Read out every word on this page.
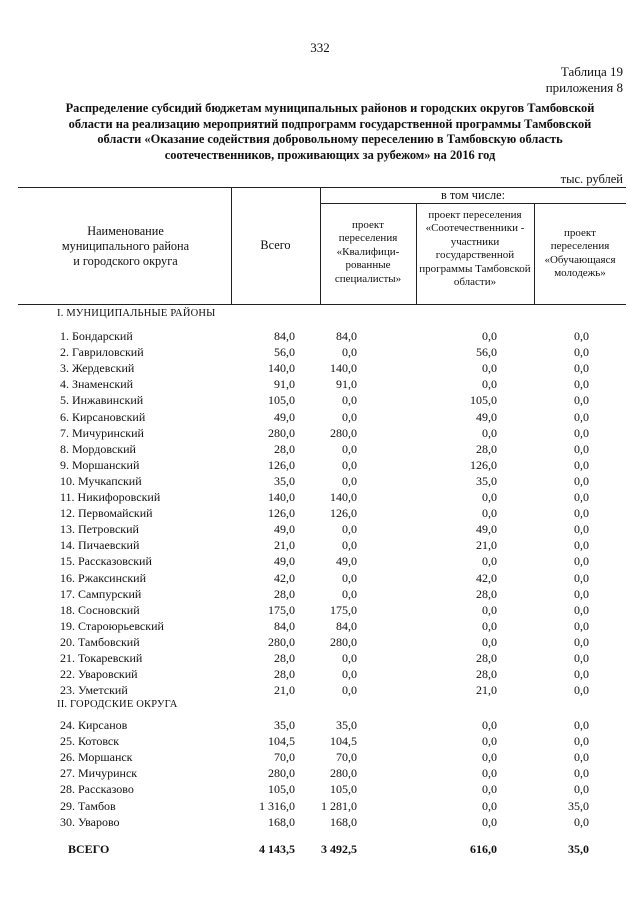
332
Таблица 19
приложения 8
Распределение субсидий бюджетам муниципальных районов и городских округов Тамбовской
области на реализацию мероприятий подпрограмм государственной программы Тамбовской
области «Оказание содействия добровольному переселению в Тамбовскую область
соотечественников, проживающих за рубежом» на 2016 год
тыс. рублей
Наименование
муниципального района
и городского округа
Всего
в том числе:
проект
переселения
«Квалифици-
рованные
специалисты»
проект переселения
«Соотечественники -
участники
государственной
программы Тамбовской
области»
проект
переселения
«Обучающаяся
молодежь»
I. МУНИЦИПАЛЬНЫЕ РАЙОНЫ
1. Бондарский	84,0	84,0	0,0	0,0
2. Гавриловский	56,0	0,0	56,0	0,0
3. Жердевский	140,0	140,0	0,0	0,0
4. Знаменский	91,0	91,0	0,0	0,0
5. Инжавинский	105,0	0,0	105,0	0,0
6. Кирсановский	49,0	0,0	49,0	0,0
7. Мичуринский	280,0	280,0	0,0	0,0
8. Мордовский	28,0	0,0	28,0	0,0
9. Моршанский	126,0	0,0	126,0	0,0
10. Мучкапский	35,0	0,0	35,0	0,0
11. Никифоровский	140,0	140,0	0,0	0,0
12. Первомайский	126,0	126,0	0,0	0,0
13. Петровский	49,0	0,0	49,0	0,0
14. Пичаевский	21,0	0,0	21,0	0,0
15. Рассказовский	49,0	49,0	0,0	0,0
16. Ржаксинский	42,0	0,0	42,0	0,0
17. Сампурский	28,0	0,0	28,0	0,0
18. Сосновский	175,0	175,0	0,0	0,0
19. Староюрьевский	84,0	84,0	0,0	0,0
20. Тамбовский	280,0	280,0	0,0	0,0
21. Токаревский	28,0	0,0	28,0	0,0
22. Уваровский	28,0	0,0	28,0	0,0
23. Уметский	21,0	0,0	21,0	0,0
II. ГОРОДСКИЕ ОКРУГА
24. Кирсанов	35,0	35,0	0,0	0,0
25. Котовск	104,5	104,5	0,0	0,0
26. Моршанск	70,0	70,0	0,0	0,0
27. Мичуринск	280,0	280,0	0,0	0,0
28. Рассказово	105,0	105,0	0,0	0,0
29. Тамбов	1 316,0	1 281,0	0,0	35,0
30. Уварово	168,0	168,0	0,0	0,0
ВСЕГО	4 143,5	3 492,5	616,0	35,0
